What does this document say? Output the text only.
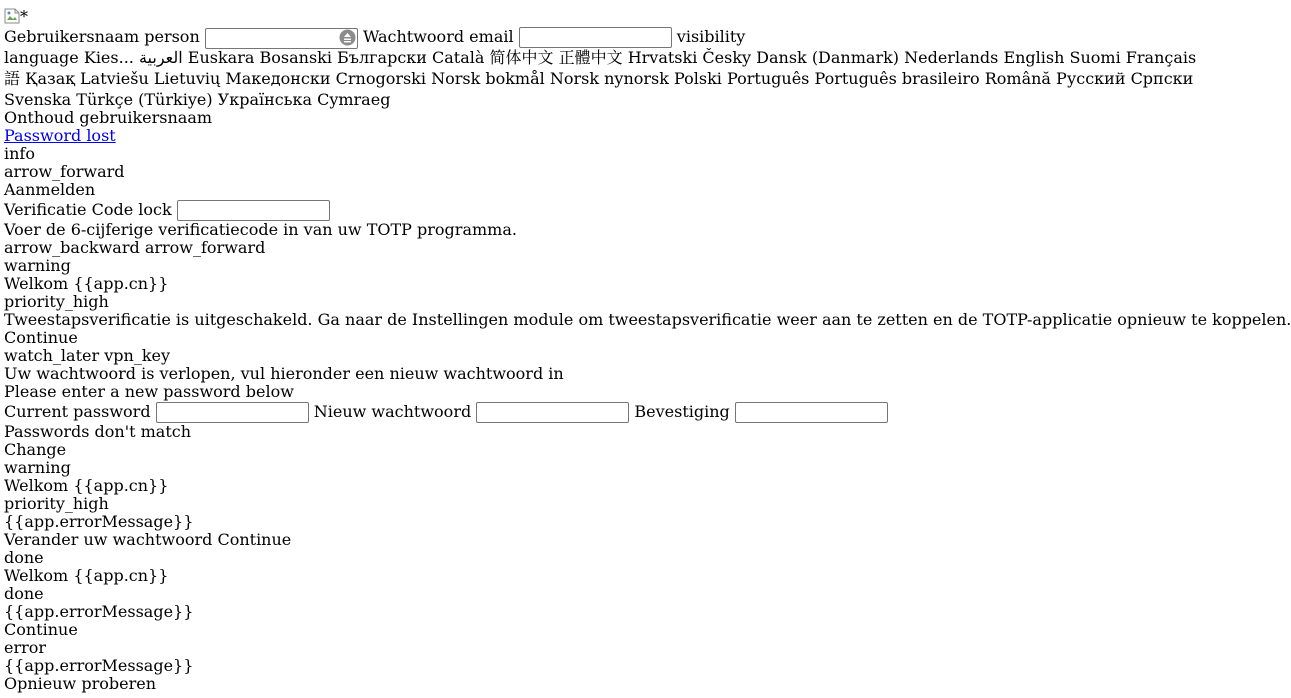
*
Gebruikersnaam person	Wachtwoord email	visibility
language Kies... العربية Euskara Bosanski Български Català 简体中文 正體中文 Hrvatski Česky Dansk (Danmark) Nederlands English Suomi Français
語 Қазақ Latviešu Lietuvių Македонски Crnogorski Norsk bokmål Norsk nynorsk Polski Português Português brasileiro Română Русский Српски
Svenska Türkçe (Türkiye) Українська Cymraeg
Onthoud gebruikersnaam
Password lost
info
arrow_forward
Aanmelden
Verificatie Code lock
Voer de 6-cijferige verificatiecode in van uw TOTP programma.
arrow_backward arrow_forward
warning
Welkom {{app.cn}}
priority_high
Tweestapsverificatie is uitgeschakeld. Ga naar de Instellingen module om tweestapsverificatie weer aan te zetten en de TOTP-applicatie opnieuw te koppelen.
Continue
watch_later vpn_key
Uw wachtwoord is verlopen, vul hieronder een nieuw wachtwoord in
Please enter a new password below
Current password	Nieuw wachtwoord	Bevestiging
Passwords don't match
Change
warning
Welkom {{app.cn}}
priority_high
{{app.errorMessage}}
Verander uw wachtwoord Continue
done
Welkom {{app.cn}}
done
{{app.errorMessage}}
Continue
error
{{app.errorMessage}}
Opnieuw proberen
